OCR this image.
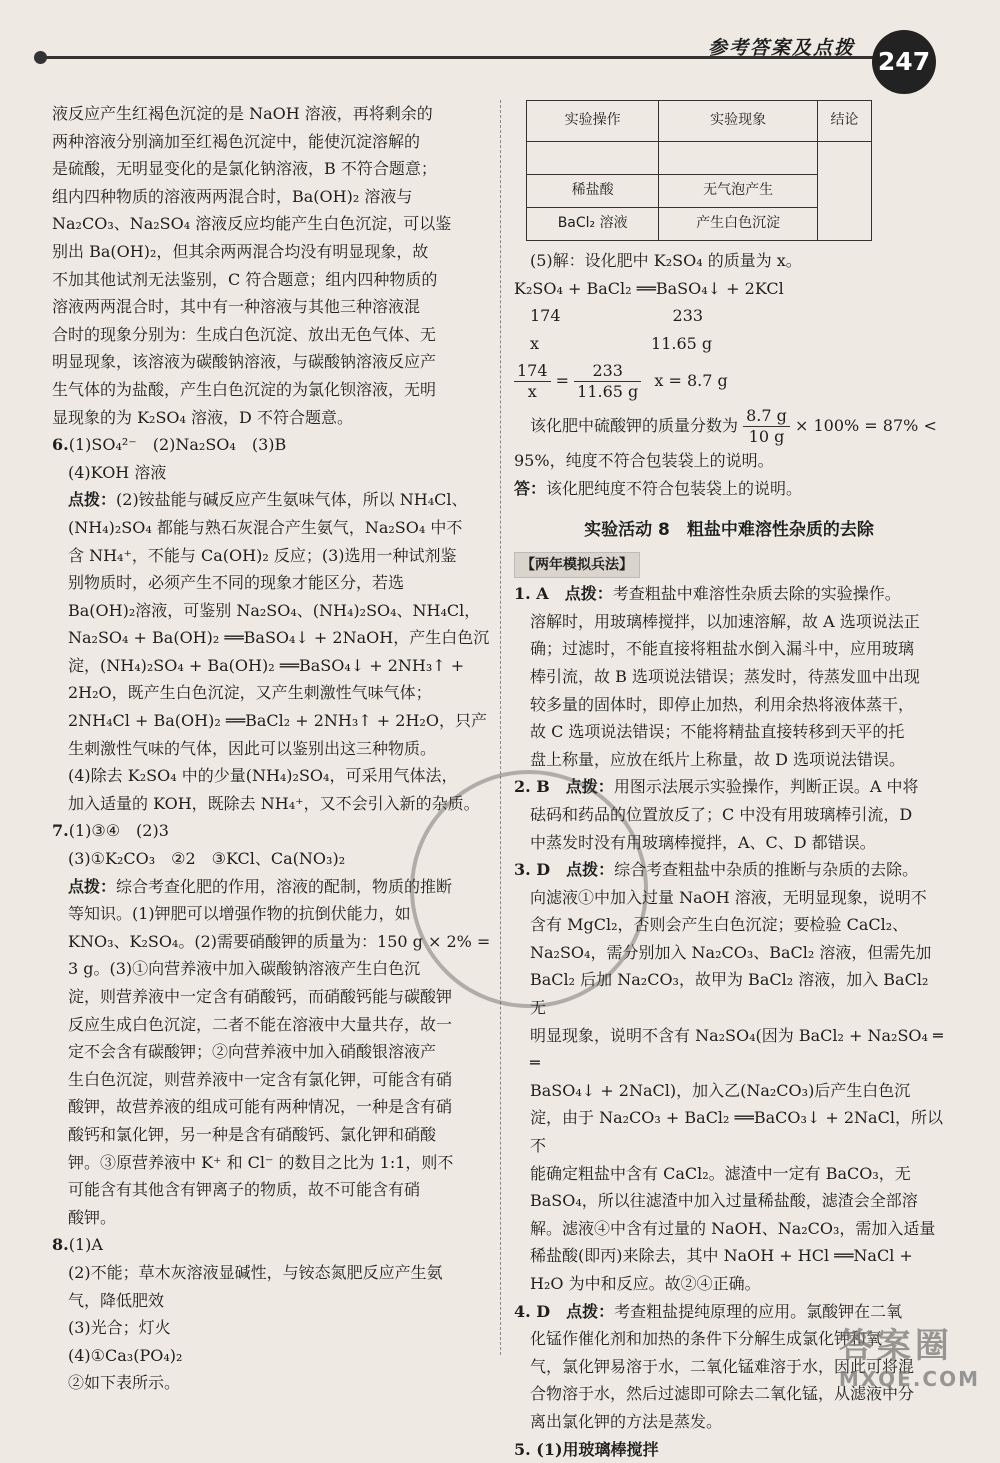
参考答案及点拨 247

液反应产生红褐色沉淀的是 NaOH 溶液，再将剩余的

两种溶液分别滴加至红褐色沉淀中，能使沉淀溶解的

是硫酸，无明显变化的是氯化钠溶液，B 不符合题意；

组内四种物质的溶液两两混合时，Ba(OH)₂ 溶液与

Na₂CO₃、Na₂SO₄ 溶液反应均能产生白色沉淀，可以鉴

别出 Ba(OH)₂，但其余两两混合均没有明显现象，故

不加其他试剂无法鉴别，C 符合题意；组内四种物质的

溶液两两混合时，其中有一种溶液与其他三种溶液混

合时的现象分别为：生成白色沉淀、放出无色气体、无

明显现象，该溶液为碳酸钠溶液，与碳酸钠溶液反应产

生气体的为盐酸，产生白色沉淀的为氯化钡溶液，无明

显现象的为 K₂SO₄ 溶液，D 不符合题意。

6.(1)SO₄²⁻　(2)Na₂SO₄　(3)B

(4)KOH 溶液

点拨：(2)铵盐能与碱反应产生氨味气体，所以 NH₄Cl、

(NH₄)₂SO₄ 都能与熟石灰混合产生氨气，Na₂SO₄ 中不

含 NH₄⁺，不能与 Ca(OH)₂ 反应；(3)选用一种试剂鉴

别物质时，必须产生不同的现象才能区分，若选

Ba(OH)₂溶液，可鉴别 Na₂SO₄、(NH₄)₂SO₄、NH₄Cl，

Na₂SO₄ + Ba(OH)₂ ══BaSO₄↓ + 2NaOH，产生白色沉

淀，(NH₄)₂SO₄ + Ba(OH)₂ ══BaSO₄↓ + 2NH₃↑ +

2H₂O，既产生白色沉淀，又产生刺激性气味气体；

2NH₄Cl + Ba(OH)₂ ══BaCl₂ + 2NH₃↑ + 2H₂O，只产

生刺激性气味的气体，因此可以鉴别出这三种物质。

(4)除去 K₂SO₄ 中的少量(NH₄)₂SO₄，可采用气体法，

加入适量的 KOH，既除去 NH₄⁺，又不会引入新的杂质。

7.(1)③④　(2)3

(3)①K₂CO₃　②2　③KCl、Ca(NO₃)₂

点拨：综合考查化肥的作用，溶液的配制，物质的推断

等知识。(1)钾肥可以增强作物的抗倒伏能力，如

KNO₃、K₂SO₄。(2)需要硝酸钾的质量为：150 g × 2% =

3 g。(3)①向营养液中加入碳酸钠溶液产生白色沉

淀，则营养液中一定含有硝酸钙，而硝酸钙能与碳酸钾

反应生成白色沉淀，二者不能在溶液中大量共存，故一

定不会含有碳酸钾；②向营养液中加入硝酸银溶液产

生白色沉淀，则营养液中一定含有氯化钾，可能含有硝

酸钾，故营养液的组成可能有两种情况，一种是含有硝

酸钙和氯化钾，另一种是含有硝酸钙、氯化钾和硝酸

钾。③原营养液中 K⁺ 和 Cl⁻ 的数目之比为 1:1，则不

可能含有其他含有钾离子的物质，故不可能含有硝

酸钾。

8.(1)A

(2)不能；草木灰溶液显碱性，与铵态氮肥反应产生氨

气，降低肥效

(3)光合；灯火

(4)①Ca₃(PO₄)₂

②如下表所示。

实验操作	实验现象	结论

稀盐酸	无气泡产生	
BaCl₂ 溶液	产生白色沉淀	

(5)解：设化肥中 K₂SO₄ 的质量为 x。

K₂SO₄ + BaCl₂ ══BaSO₄↓ + 2KCl

174　　　　　　　233

x　　　　　　　11.65 g

$\frac{174}{x} = \frac{233}{11.65 g}$ x = 8.7 g

该化肥中硫酸钾的质量分数为 $\frac{8.7 g}{10 g} \times 100\% = 87\%$ <

95%，纯度不符合包装袋上的说明。

答：该化肥纯度不符合包装袋上的说明。

实验活动 8　粗盐中难溶性杂质的去除
【两年模拟兵法】

1. A　点拨：考查粗盐中难溶性杂质去除的实验操作。

溶解时，用玻璃棒搅拌，以加速溶解，故 A 选项说法正

确；过滤时，不能直接将粗盐水倒入漏斗中，应用玻璃

棒引流，故 B 选项说法错误；蒸发时，待蒸发皿中出现

较多量的固体时，即停止加热，利用余热将液体蒸干，

故 C 选项说法错误；不能将精盐直接转移到天平的托

盘上称量，应放在纸片上称量，故 D 选项说法错误。

2. B　点拨：用图示法展示实验操作，判断正误。A 中将

砝码和药品的位置放反了；C 中没有用玻璃棒引流，D

中蒸发时没有用玻璃棒搅拌，A、C、D 都错误。

3. D　点拨：综合考查粗盐中杂质的推断与杂质的去除。

向滤液①中加入过量 NaOH 溶液，无明显现象，说明不

含有 MgCl₂，否则会产生白色沉淀；要检验 CaCl₂、

Na₂SO₄，需分别加入 Na₂CO₃、BaCl₂ 溶液，但需先加

BaCl₂ 后加 Na₂CO₃，故甲为 BaCl₂ 溶液，加入 BaCl₂ 无

明显现象，说明不含有 Na₂SO₄(因为 BaCl₂ + Na₂SO₄ ══

BaSO₄↓ + 2NaCl)，加入乙(Na₂CO₃)后产生白色沉

淀，由于 Na₂CO₃ + BaCl₂ ══BaCO₃↓ + 2NaCl，所以不

能确定粗盐中含有 CaCl₂。滤渣中一定有 BaCO₃，无

BaSO₄，所以往滤渣中加入过量稀盐酸，滤渣会全部溶

解。滤液④中含有过量的 NaOH、Na₂CO₃，需加入适量

稀盐酸(即丙)来除去，其中 NaOH + HCl ══NaCl +

H₂O 为中和反应。故②④正确。

4. D　点拨：考查粗盐提纯原理的应用。氯酸钾在二氧

化锰作催化剂和加热的条件下分解生成氯化钾和氧

气，氯化钾易溶于水，二氧化锰难溶于水，因此可将混

合物溶于水，然后过滤即可除去二氧化锰，从滤液中分

离出氯化钾的方法是蒸发。

5. (1)用玻璃棒搅拌

答案圈
MXQE.COM
